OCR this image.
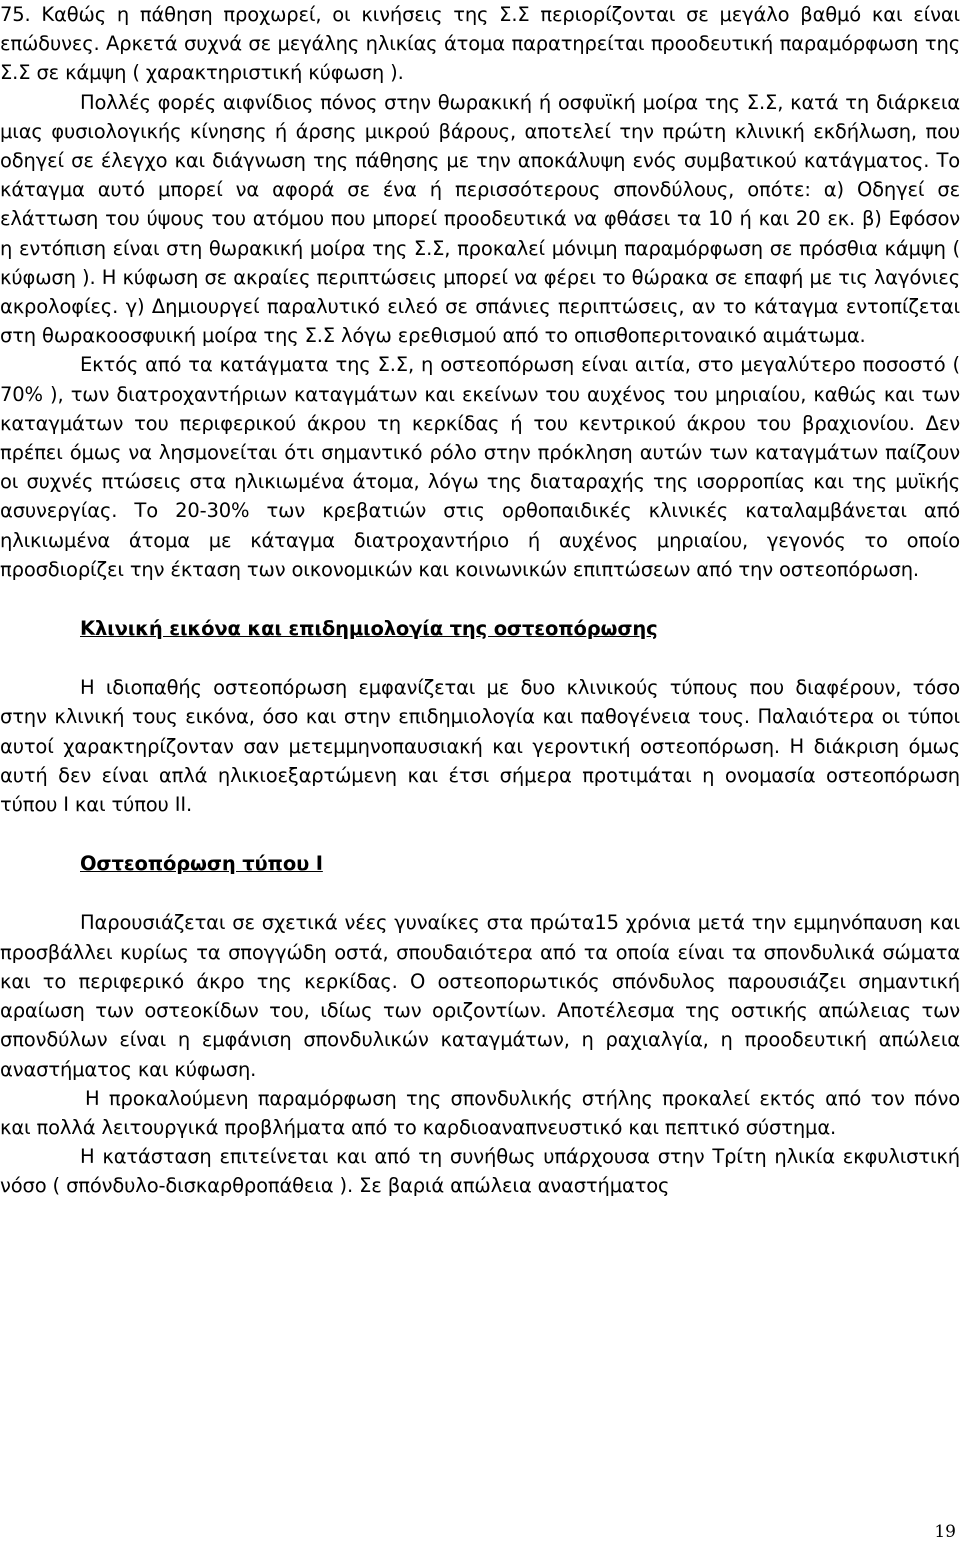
75. Καθώς η πάθηση προχωρεί, οι κινήσεις της Σ.Σ περιορίζονται σε μεγάλο βαθμό και είναι επώδυνες. Αρκετά συχνά σε μεγάλης ηλικίας άτομα παρατηρείται προοδευτική παραμόρφωση της Σ.Σ σε κάμψη ( χαρακτηριστική κύφωση ).

Πολλές φορές αιφνίδιος πόνος στην θωρακική ή οσφυϊκή μοίρα της Σ.Σ, κατά τη διάρκεια μιας φυσιολογικής κίνησης ή άρσης μικρού βάρους, αποτελεί την πρώτη κλινική εκδήλωση, που οδηγεί σε έλεγχο και διάγνωση της πάθησης με την αποκάλυψη ενός συμβατικού κατάγματος. Το κάταγμα αυτό μπορεί να αφορά σε ένα ή περισσότερους σπονδύλους, οπότε: α) Οδηγεί σε ελάττωση του ύψους του ατόμου που μπορεί προοδευτικά να φθάσει τα 10 ή και 20 εκ. β) Εφόσον η εντόπιση είναι στη θωρακική μοίρα της Σ.Σ, προκαλεί μόνιμη παραμόρφωση σε πρόσθια κάμψη ( κύφωση ). Η κύφωση σε ακραίες περιπτώσεις μπορεί να φέρει το θώρακα σε επαφή με τις λαγόνιες ακρολοφίες. γ) Δημιουργεί παραλυτικό ειλεό σε σπάνιες περιπτώσεις, αν το κάταγμα εντοπίζεται στη θωρακοοσφυική μοίρα της Σ.Σ λόγω ερεθισμού από το οπισθοπεριτοναικό αιμάτωμα.

Εκτός από τα κατάγματα της Σ.Σ, η οστεοπόρωση είναι αιτία, στο μεγαλύτερο ποσοστό ( 70% ), των διατροχαντήριων καταγμάτων και εκείνων του αυχένος του μηριαίου, καθώς και των καταγμάτων του περιφερικού άκρου τη κερκίδας ή του κεντρικού άκρου του βραχιονίου. Δεν πρέπει όμως να λησμονείται ότι σημαντικό ρόλο στην πρόκληση αυτών των καταγμάτων παίζουν οι συχνές πτώσεις στα ηλικιωμένα άτομα, λόγω της διαταραχής της ισορροπίας και της μυϊκής ασυνεργίας. Το 20-30% των κρεβατιών στις ορθοπαιδικές κλινικές καταλαμβάνεται από ηλικιωμένα άτομα με κάταγμα διατροχαντήριο ή αυχένος μηριαίου, γεγονός το οποίο προσδιορίζει την έκταση των οικονομικών και κοινωνικών επιπτώσεων από την οστεοπόρωση.

Κλινική εικόνα και επιδημιολογία της οστεοπόρωσης

Η ιδιοπαθής οστεοπόρωση εμφανίζεται με δυο κλινικούς τύπους που διαφέρουν, τόσο στην κλινική τους εικόνα, όσο και στην επιδημιολογία και παθογένεια τους. Παλαιότερα οι τύποι αυτοί χαρακτηρίζονταν σαν μετεμμηνοπαυσιακή και γεροντική οστεοπόρωση. Η διάκριση όμως αυτή δεν είναι απλά ηλικιοεξαρτώμενη και έτσι σήμερα προτιμάται η ονομασία οστεοπόρωση τύπου Ι και τύπου ΙΙ.

Οστεοπόρωση τύπου Ι

Παρουσιάζεται σε σχετικά νέες γυναίκες στα πρώτα15 χρόνια μετά την εμμηνόπαυση και προσβάλλει κυρίως τα σπογγώδη οστά, σπουδαιότερα από τα οποία είναι τα σπονδυλικά σώματα και το περιφερικό άκρο της κερκίδας. Ο οστεοπορωτικός σπόνδυλος παρουσιάζει σημαντική αραίωση των οστεοκίδων του, ιδίως των οριζοντίων. Αποτέλεσμα της οστικής απώλειας των σπονδύλων είναι η εμφάνιση σπονδυλικών καταγμάτων, η ραχιαλγία, η προοδευτική απώλεια αναστήματος και κύφωση.

Η προκαλούμενη παραμόρφωση της σπονδυλικής στήλης προκαλεί εκτός από τον πόνο και πολλά λειτουργικά προβλήματα από το καρδιοαναπνευστικό και πεπτικό σύστημα.

Η κατάσταση επιτείνεται και από τη συνήθως υπάρχουσα στην Τρίτη ηλικία εκφυλιστική νόσο ( σπόνδυλο-δισκαρθροπάθεια ). Σε βαριά απώλεια αναστήματος

19
